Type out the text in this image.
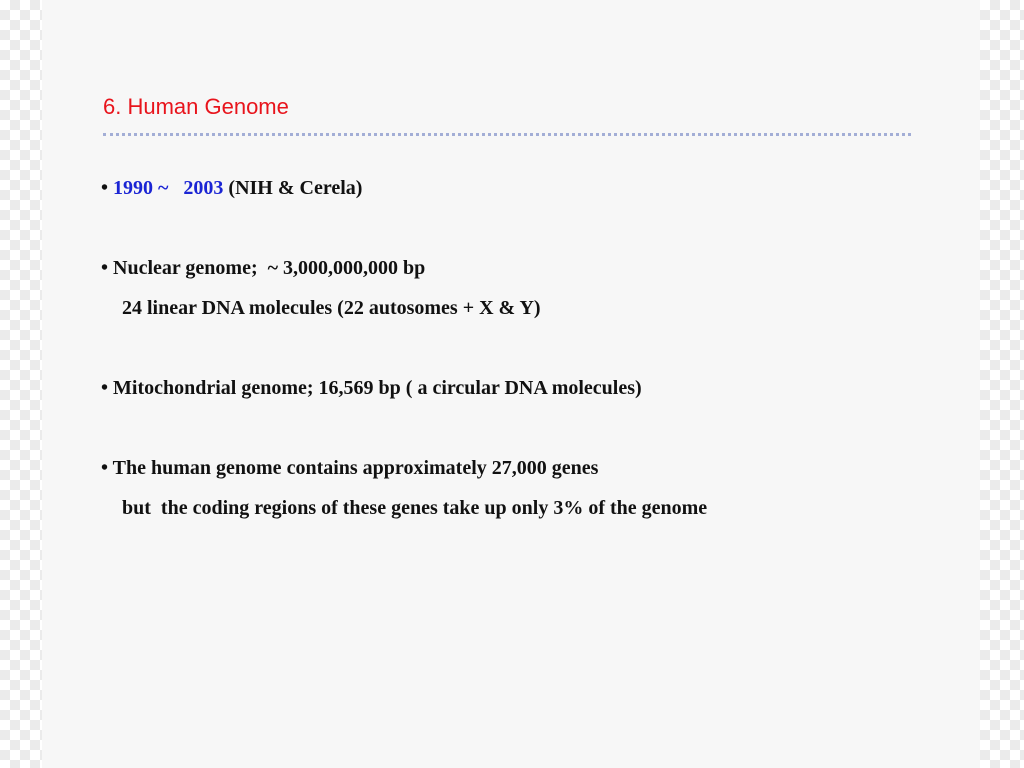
6. Human Genome

• 1990 ~ 2003 (NIH & Cerela)

• Nuclear genome;  ~ 3,000,000,000 bp

24 linear DNA molecules (22 autosomes + X & Y)

• Mitochondrial genome; 16,569 bp ( a circular DNA molecules)

• The human genome contains approximately 27,000 genes

but  the coding regions of these genes take up only 3% of the genome
